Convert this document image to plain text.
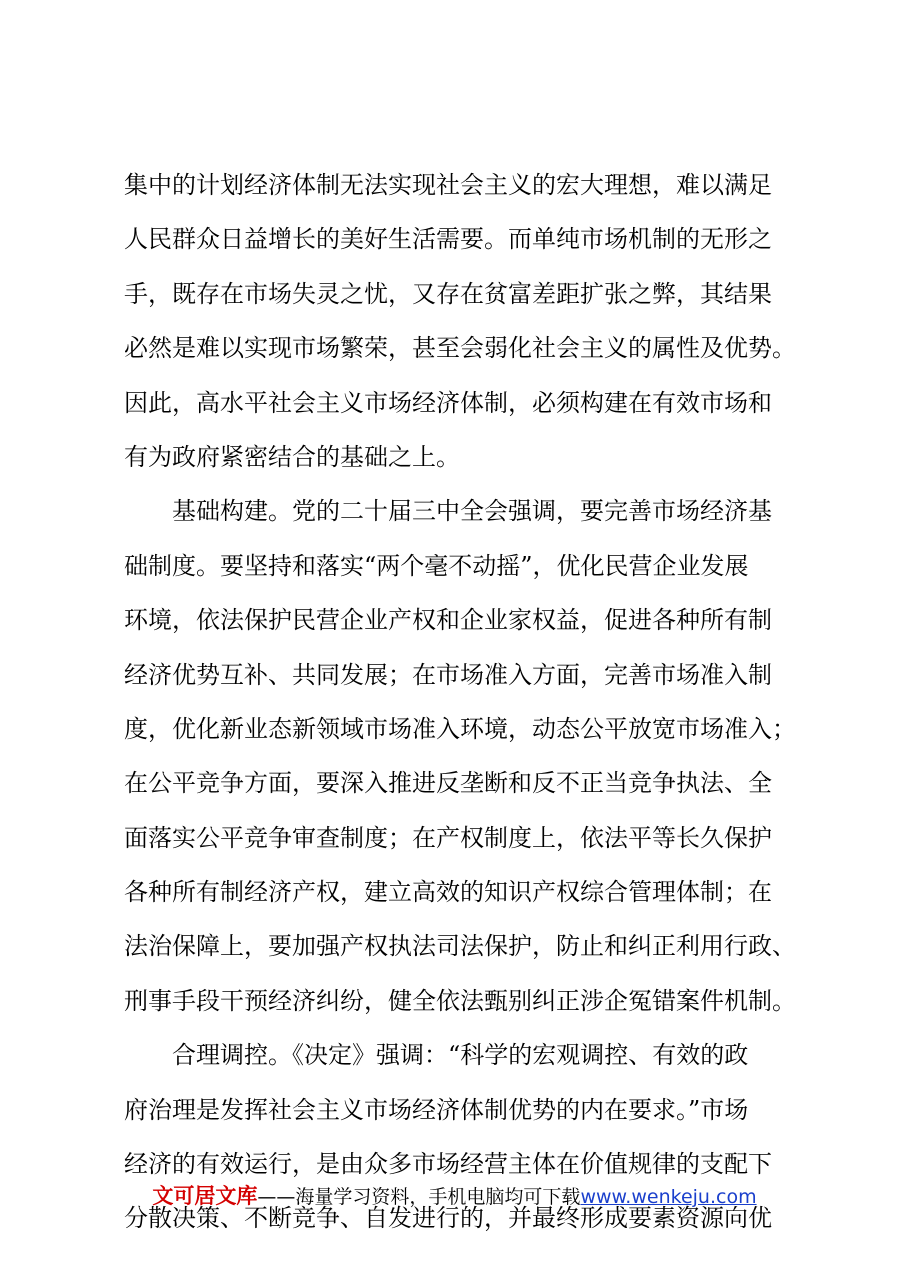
集中的计划经济体制无法实现社会主义的宏大理想，难以满足
人民群众日益增长的美好生活需要。而单纯市场机制的无形之
手，既存在市场失灵之忧，又存在贫富差距扩张之弊，其结果
必然是难以实现市场繁荣，甚至会弱化社会主义的属性及优势。
因此，高水平社会主义市场经济体制，必须构建在有效市场和
有为政府紧密结合的基础之上。
　　基础构建。党的二十届三中全会强调，要完善市场经济基
础制度。要坚持和落实“两个毫不动摇”，优化民营企业发展
环境，依法保护民营企业产权和企业家权益，促进各种所有制
经济优势互补、共同发展；在市场准入方面，完善市场准入制
度，优化新业态新领域市场准入环境，动态公平放宽市场准入；
在公平竞争方面，要深入推进反垄断和反不正当竞争执法、全
面落实公平竞争审查制度；在产权制度上，依法平等长久保护
各种所有制经济产权，建立高效的知识产权综合管理体制；在
法治保障上，要加强产权执法司法保护，防止和纠正利用行政、
刑事手段干预经济纠纷，健全依法甄别纠正涉企冤错案件机制。
　　合理调控。《决定》强调：“科学的宏观调控、有效的政
府治理是发挥社会主义市场经济体制优势的内在要求。”市场
经济的有效运行，是由众多市场经营主体在价值规律的支配下
分散决策、不断竞争、自发进行的，并最终形成要素资源向优
文可居文库——海量学习资料，手机电脑均可下载www.wenkeju.com
